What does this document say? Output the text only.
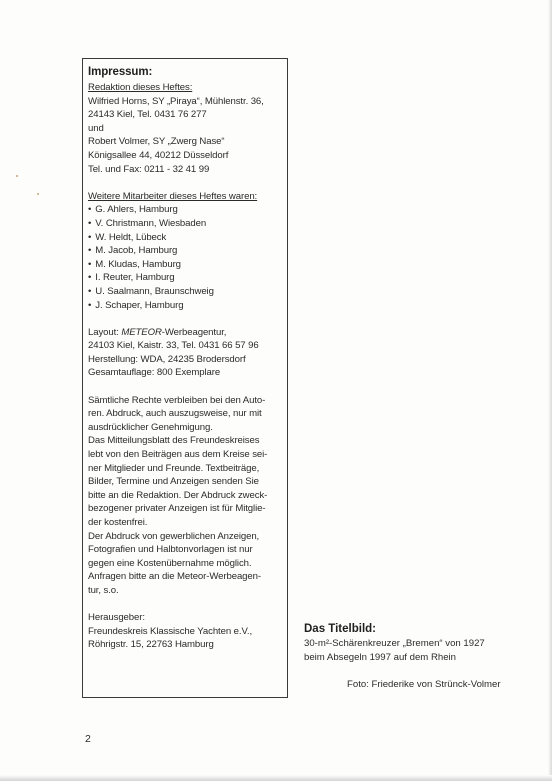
Impressum:
Redaktion dieses Heftes:
Wilfried Horns, SY „Piraya“, Mühlenstr. 36,
24143 Kiel, Tel. 0431 76 277
und
Robert Volmer, SY „Zwerg Nase“
Königsallee 44, 40212 Düsseldorf
Tel. und Fax: 0211 - 32 41 99
Weitere Mitarbeiter dieses Heftes waren:
• G. Ahlers, Hamburg
• V. Christmann, Wiesbaden
• W. Heldt, Lübeck
• M. Jacob, Hamburg
• M. Kludas, Hamburg
• I. Reuter, Hamburg
• U. Saalmann, Braunschweig
• J. Schaper, Hamburg
Layout: METEOR-Werbeagentur,
24103 Kiel, Kaistr. 33, Tel. 0431 66 57 96
Herstellung: WDA, 24235 Brodersdorf
Gesamtauflage: 800 Exemplare
Sämtliche Rechte verbleiben bei den Auto-
ren. Abdruck, auch auszugsweise, nur mit
ausdrücklicher Genehmigung.
Das Mitteilungsblatt des Freundeskreises
lebt von den Beiträgen aus dem Kreise sei-
ner Mitglieder und Freunde. Textbeiträge,
Bilder, Termine und Anzeigen senden Sie
bitte an die Redaktion. Der Abdruck zweck-
bezogener privater Anzeigen ist für Mitglie-
der kostenfrei.
Der Abdruck von gewerblichen Anzeigen,
Fotografien und Halbtonvorlagen ist nur
gegen eine Kostenübernahme möglich.
Anfragen bitte an die Meteor-Werbeagen-
tur, s.o.
Herausgeber:
Freundeskreis Klassische Yachten e.V.,
Röhrigstr. 15, 22763 Hamburg
Das Titelbild:
30-m²-Schärenkreuzer „Bremen“ von 1927
beim Absegeln 1997 auf dem Rhein
Foto: Friederike von Strünck-Volmer
2
